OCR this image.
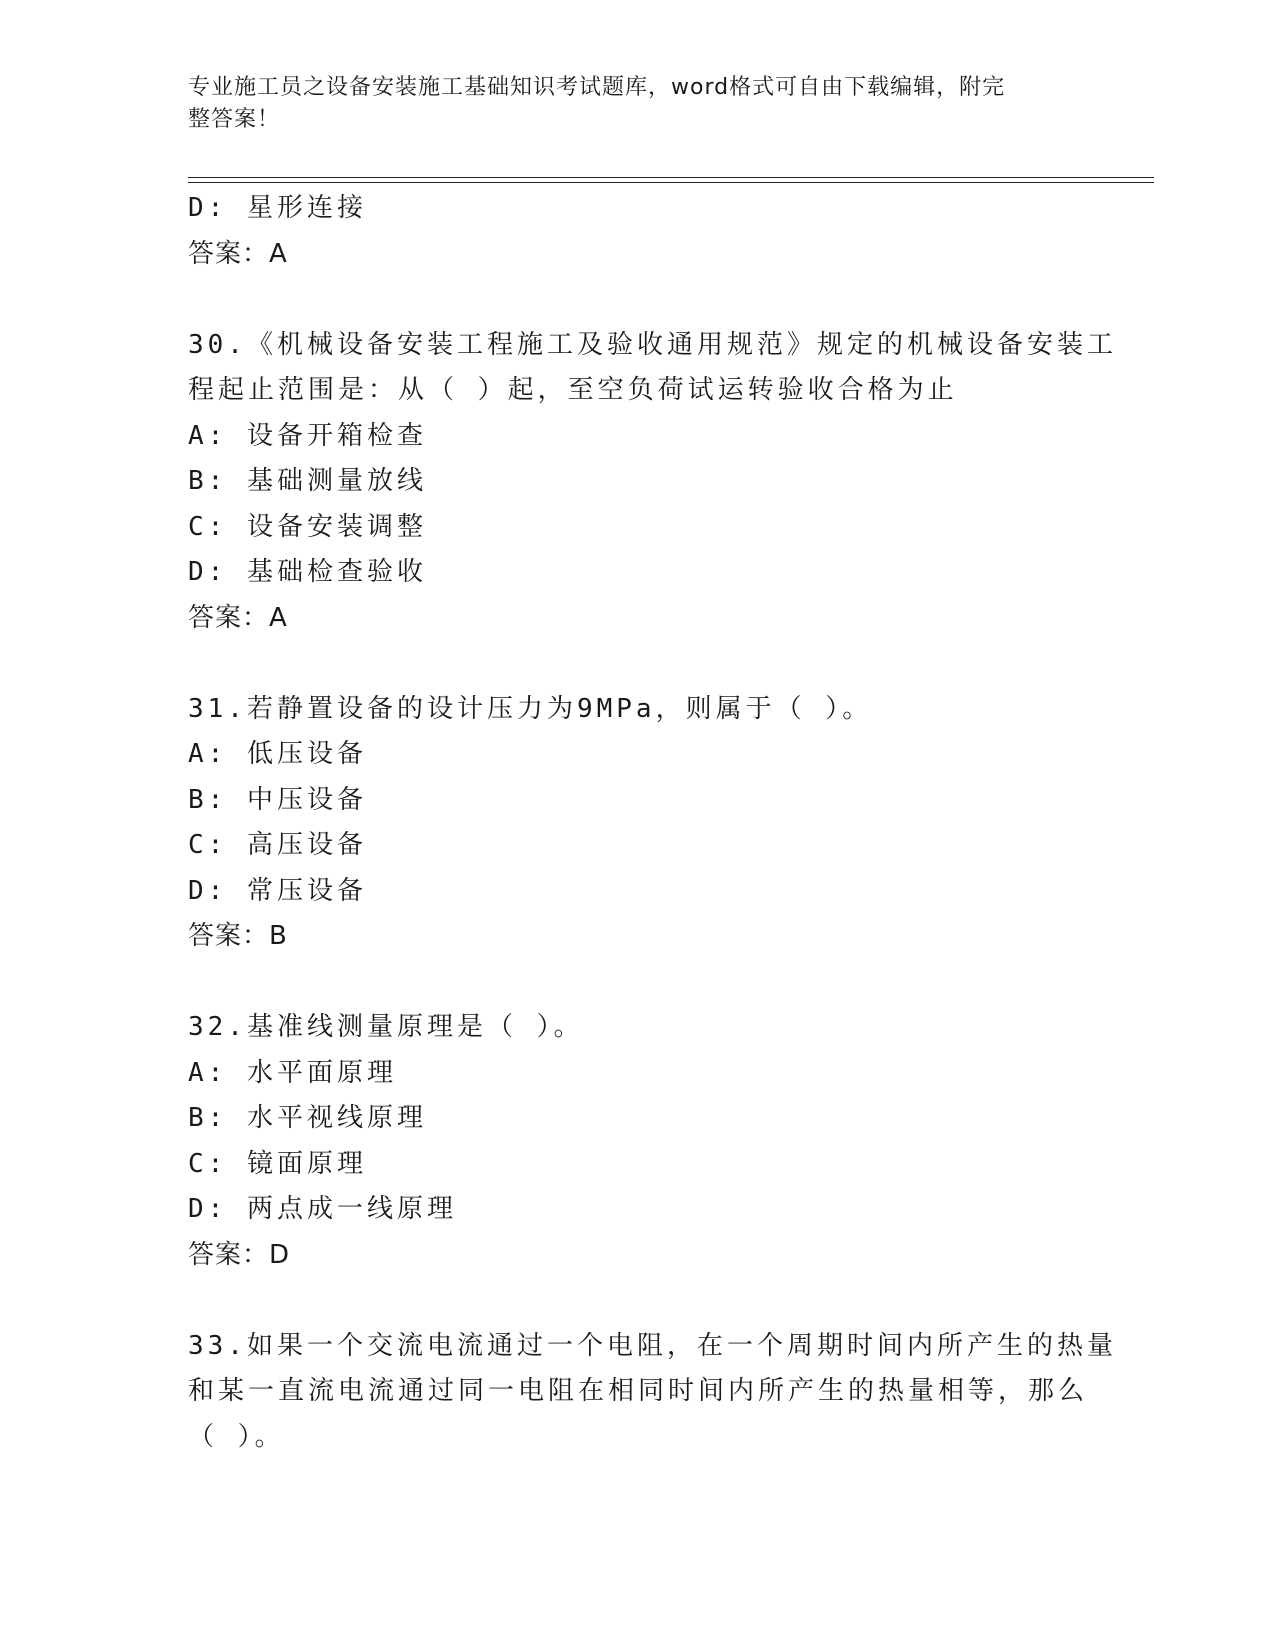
专业施工员之设备安装施工基础知识考试题库，word格式可自由下载编辑，附完
整答案！
D: 星形连接
答案：A
30.《机械设备安装工程施工及验收通用规范》规定的机械设备安装工
程起止范围是：从（ ）起，至空负荷试运转验收合格为止
A: 设备开箱检查
B: 基础测量放线
C: 设备安装调整
D: 基础检查验收
答案：A
31.若静置设备的设计压力为9MPa，则属于（ ）。
A: 低压设备
B: 中压设备
C: 高压设备
D: 常压设备
答案：B
32.基准线测量原理是（ ）。
A: 水平面原理
B: 水平视线原理
C: 镜面原理
D: 两点成一线原理
答案：D
33.如果一个交流电流通过一个电阻，在一个周期时间内所产生的热量
和某一直流电流通过同一电阻在相同时间内所产生的热量相等，那么
（ ）。
